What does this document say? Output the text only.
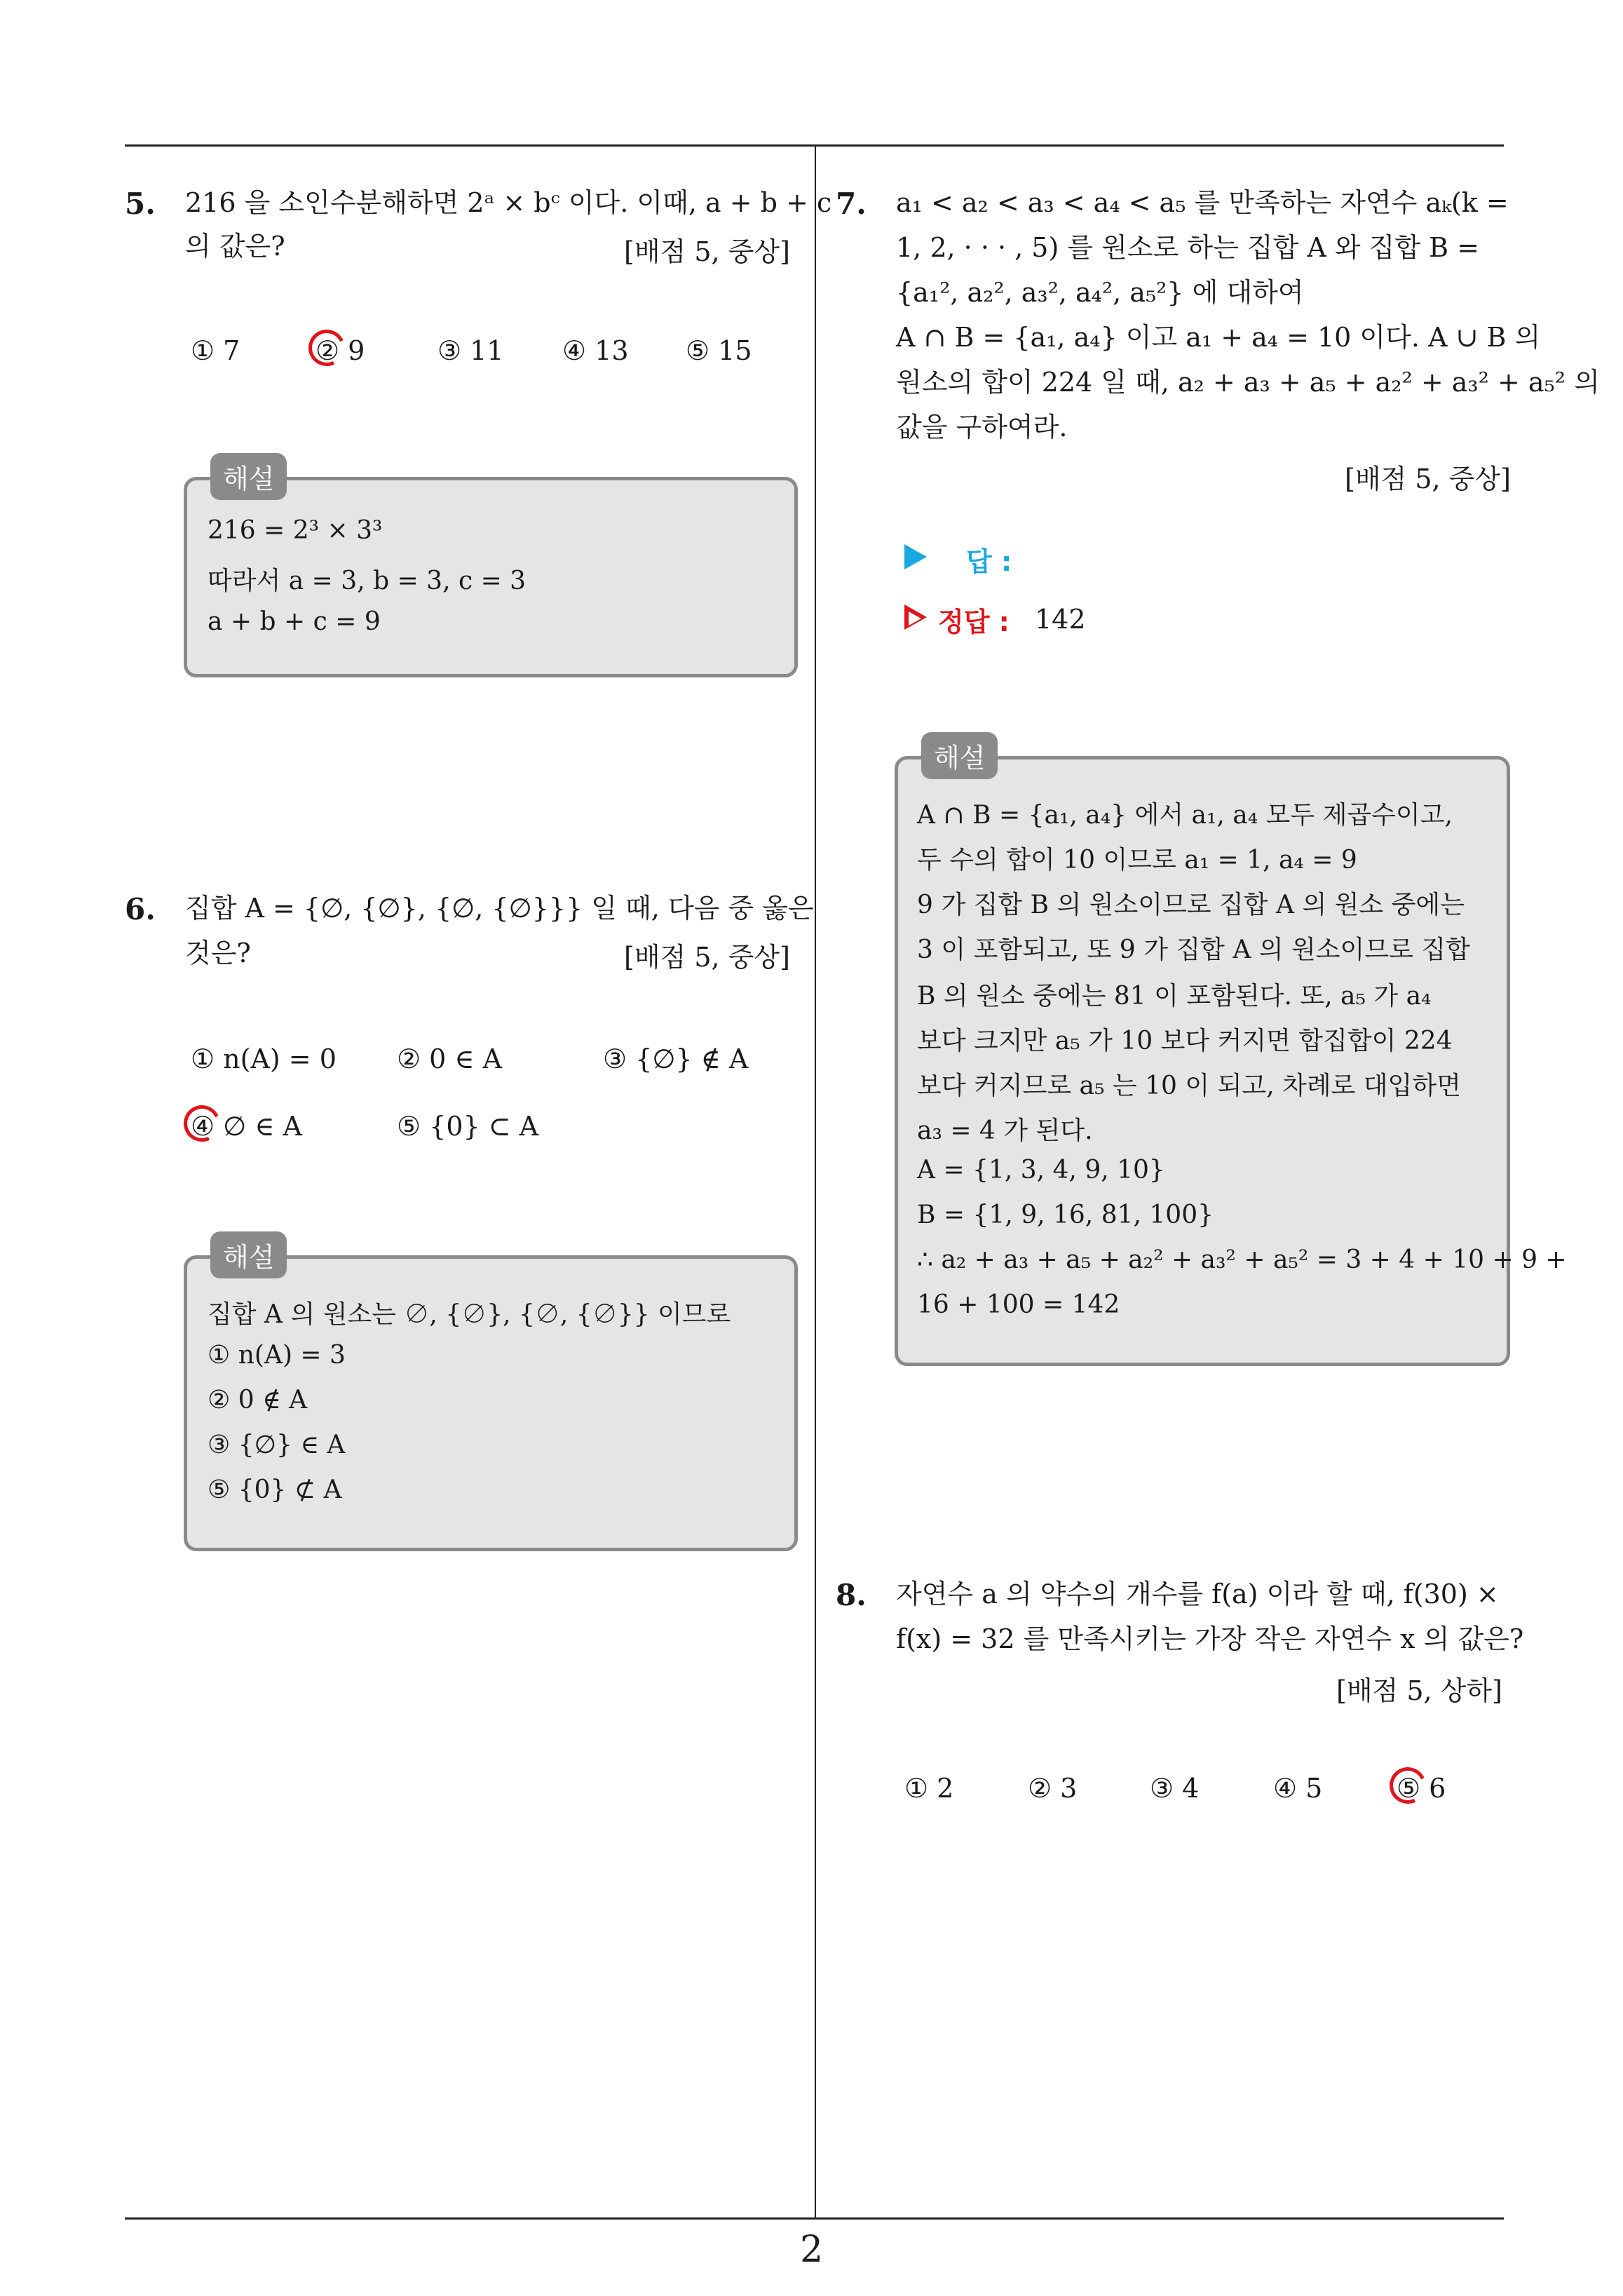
5. 216 을 소인수분해하면 2ᵃ × bᶜ 이다. 이때, a + b + c
의 값은?	[배점 5, 중상]
① 7	② 9	③ 11 ④ 13 ⑤ 15
해설
216 = 2³ × 3³
따라서 a = 3, b = 3, c = 3
a + b + c = 9
6. 집합 A = {∅, {∅}, {∅, {∅}}} 일 때, 다음 중 옳은
것은?	[배점 5, 중상]
① n(A) = 0 ② 0 ∈ A	③ {∅} ∉ A
④ ∅ ∈ A	⑤ {0} ⊂ A
해설
집합 A 의 원소는 ∅, {∅}, {∅, {∅}} 이므로
① n(A) = 3
② 0 ∉ A
③ {∅} ∈ A
⑤ {0} ⊄ A
7. a₁ < a₂ < a₃ < a₄ < a₅ 를 만족하는 자연수 aₖ(k =
1, 2, · · · , 5) 를 원소로 하는 집합 A 와 집합 B =
{a₁², a₂², a₃², a₄², a₅²} 에 대하여
A ∩ B = {a₁, a₄} 이고 a₁ + a₄ = 10 이다. A ∪ B 의
원소의 합이 224 일 때, a₂ + a₃ + a₅ + a₂² + a₃² + a₅² 의
값을 구하여라.
[배점 5, 중상]
답 :
정답 : 142
해설
A ∩ B = {a₁, a₄} 에서 a₁, a₄ 모두 제곱수이고,
두 수의 합이 10 이므로 a₁ = 1, a₄ = 9
9 가 집합 B 의 원소이므로 집합 A 의 원소 중에는
3 이 포함되고, 또 9 가 집합 A 의 원소이므로 집합
B 의 원소 중에는 81 이 포함된다. 또, a₅ 가 a₄
보다 크지만 a₅ 가 10 보다 커지면 합집합이 224
보다 커지므로 a₅ 는 10 이 되고, 차례로 대입하면
a₃ = 4 가 된다.
A = {1, 3, 4, 9, 10}
B = {1, 9, 16, 81, 100}
∴ a₂ + a₃ + a₅ + a₂² + a₃² + a₅² = 3 + 4 + 10 + 9 +
16 + 100 = 142
8. 자연수 a 의 약수의 개수를 f(a) 이라 할 때, f(30) ×
f(x) = 32 를 만족시키는 가장 작은 자연수 x 의 값은?
[배점 5, 상하]
① 2	② 3	③ 4	④ 5	⑤ 6
2
